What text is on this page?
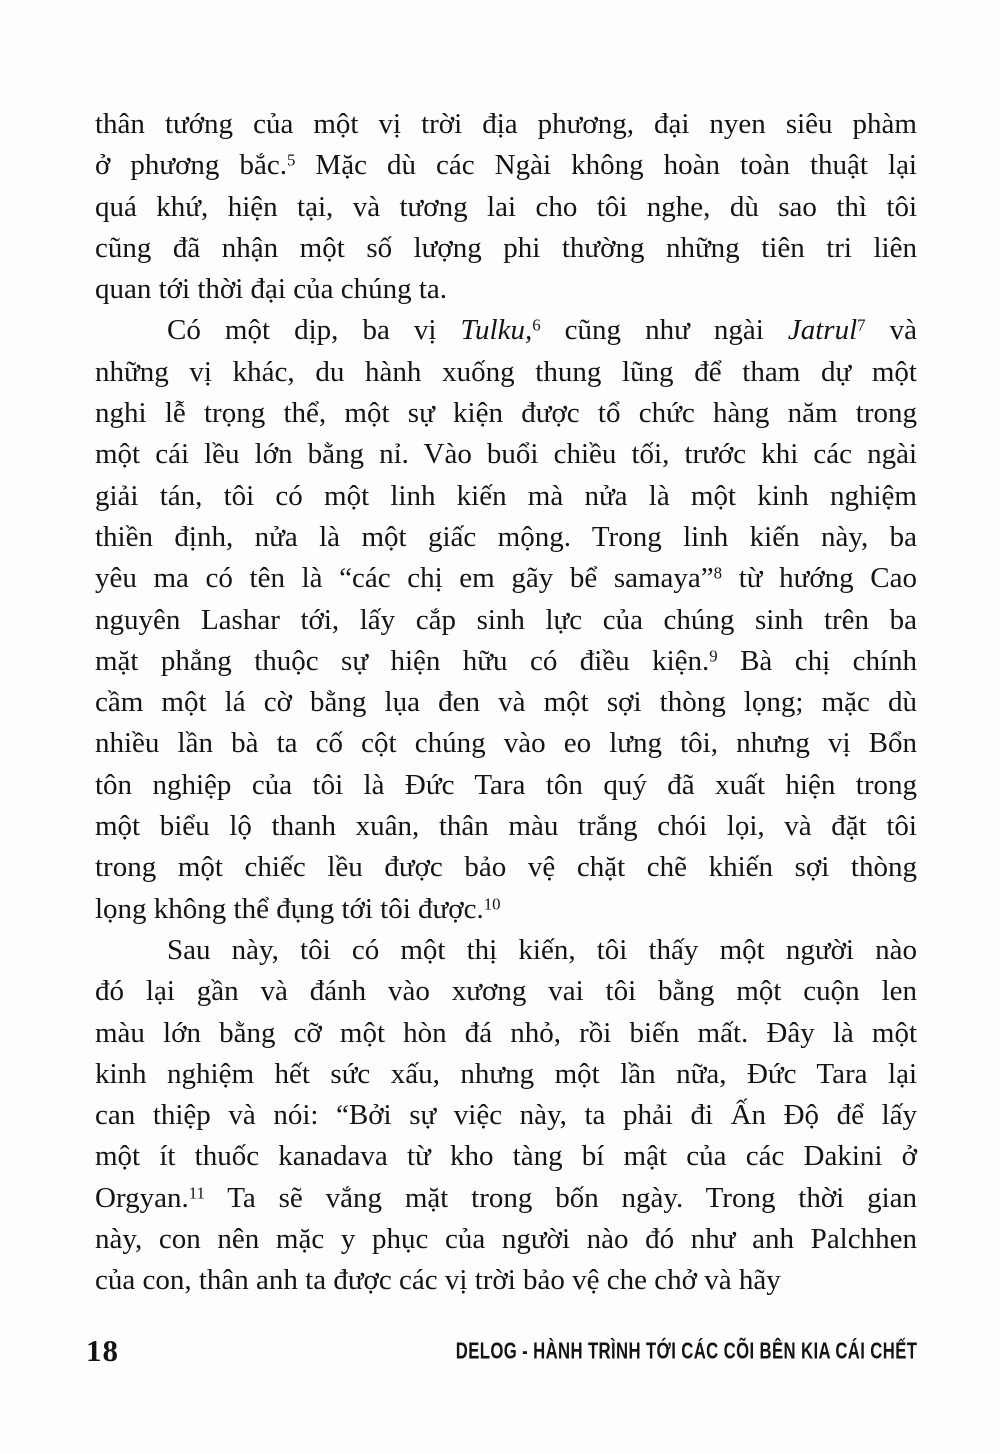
thân tướng của một vị trời địa phương, đại nyen siêu phàm
ở phương bắc.$^5$ Mặc dù các Ngài không hoàn toàn thuật lại
quá khứ, hiện tại, và tương lai cho tôi nghe, dù sao thì tôi
cũng đã nhận một số lượng phi thường những tiên tri liên
quan tới thời đại của chúng ta.
Có một dịp, ba vị Tulku,$^6$ cũng như ngài Jatrul$^7$ và
những vị khác, du hành xuống thung lũng để tham dự một
nghi lễ trọng thể, một sự kiện được tổ chức hàng năm trong
một cái lều lớn bằng nỉ. Vào buổi chiều tối, trước khi các ngài
giải tán, tôi có một linh kiến mà nửa là một kinh nghiệm
thiền định, nửa là một giấc mộng. Trong linh kiến này, ba
yêu ma có tên là “các chị em gãy bể samaya”$^8$ từ hướng Cao
nguyên Lashar tới, lấy cắp sinh lực của chúng sinh trên ba
mặt phẳng thuộc sự hiện hữu có điều kiện.$^9$ Bà chị chính
cầm một lá cờ bằng lụa đen và một sợi thòng lọng; mặc dù
nhiều lần bà ta cố cột chúng vào eo lưng tôi, nhưng vị Bổn
tôn nghiệp của tôi là Đức Tara tôn quý đã xuất hiện trong
một biểu lộ thanh xuân, thân màu trắng chói lọi, và đặt tôi
trong một chiếc lều được bảo vệ chặt chẽ khiến sợi thòng
lọng không thể đụng tới tôi được.$^{10}$
Sau này, tôi có một thị kiến, tôi thấy một người nào
đó lại gần và đánh vào xương vai tôi bằng một cuộn len
màu lớn bằng cỡ một hòn đá nhỏ, rồi biến mất. Đây là một
kinh nghiệm hết sức xấu, nhưng một lần nữa, Đức Tara lại
can thiệp và nói: “Bởi sự việc này, ta phải đi Ấn Độ để lấy
một ít thuốc kanadava từ kho tàng bí mật của các Dakini ở
Orgyan.$^{11}$ Ta sẽ vắng mặt trong bốn ngày. Trong thời gian
này, con nên mặc y phục của người nào đó như anh Palchhen
của con, thân anh ta được các vị trời bảo vệ che chở và hãy
18	DELOG - HÀNH TRÌNH TỚI CÁC CÕI BÊN KIA CÁI CHẾT
